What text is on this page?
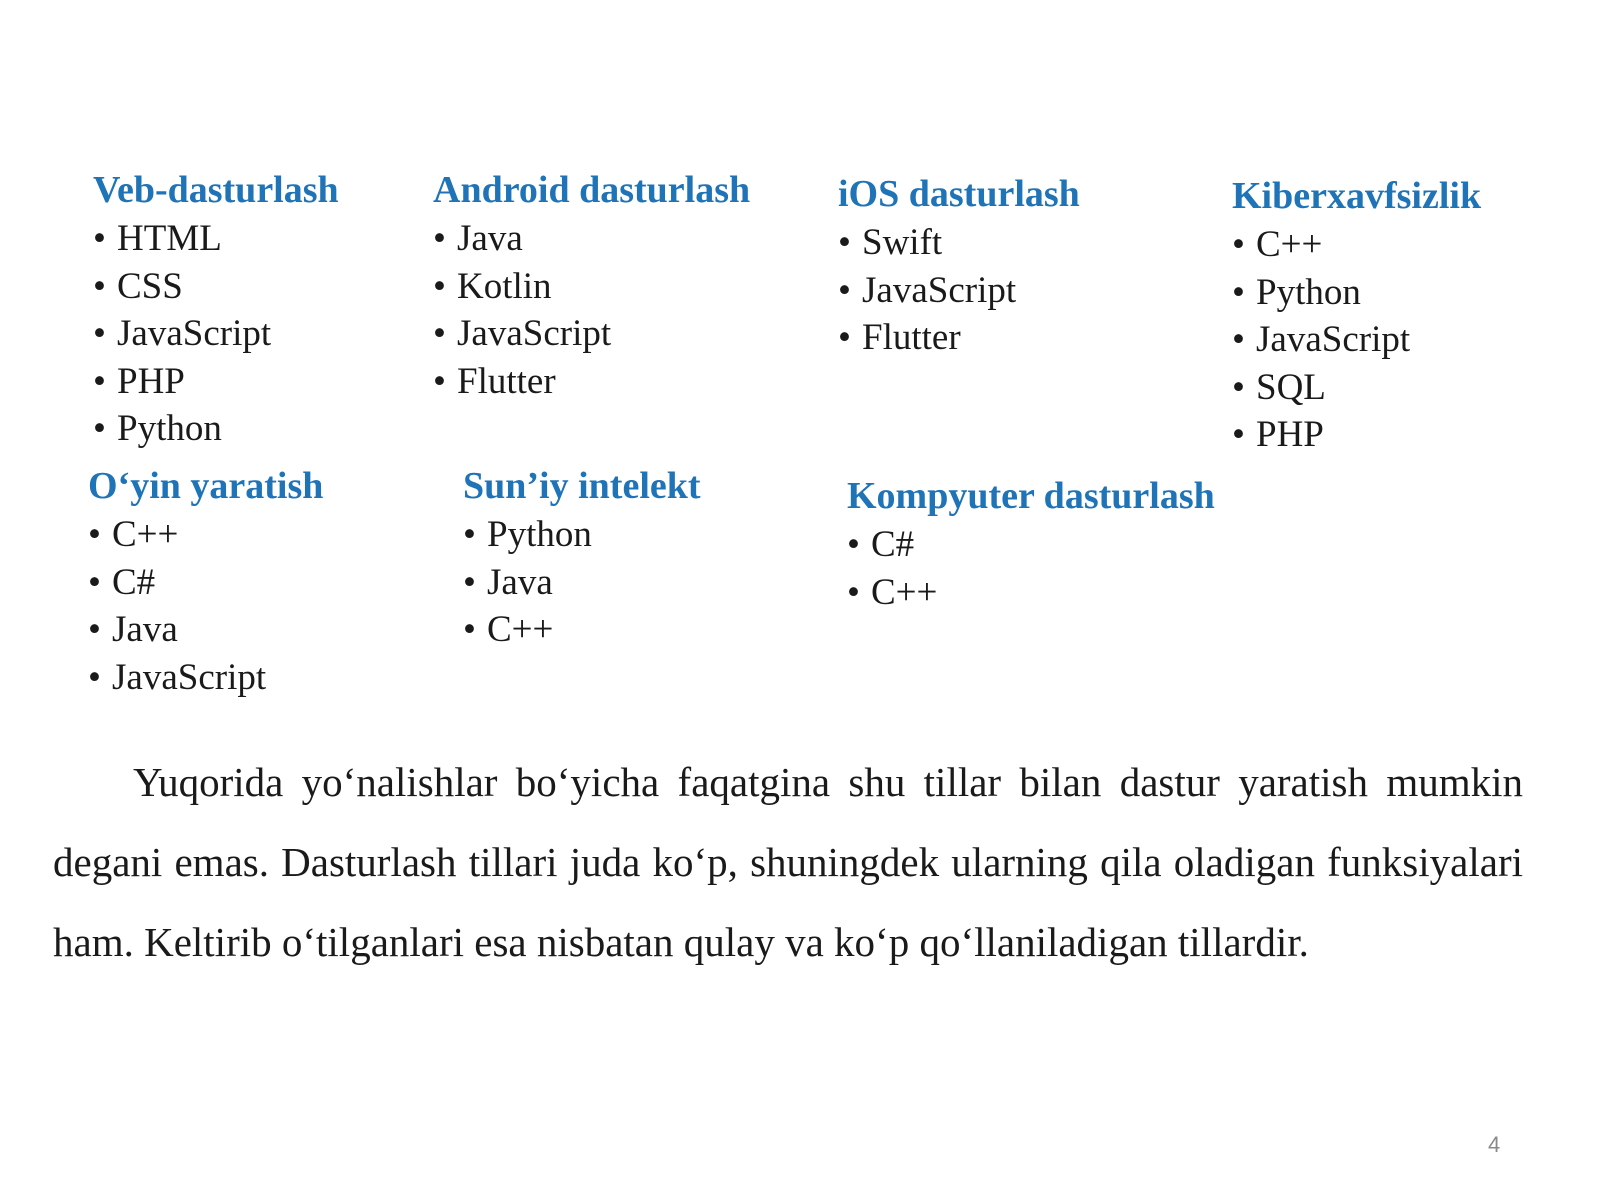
Veb-dasturlash
• HTML
• CSS
• JavaScript
• PHP
• Python
Android dasturlash
• Java
• Kotlin
• JavaScript
• Flutter
iOS dasturlash
• Swift
• JavaScript
• Flutter
Kiberxavfsizlik
• C++
• Python
• JavaScript
• SQL
• PHP
O‘yin yaratish
• C++
• C#
• Java
• JavaScript
Sun’iy intelekt
• Python
• Java
• C++
Kompyuter dasturlash
• C#
• C++

Yuqorida yo‘nalishlar bo‘yicha faqatgina shu tillar bilan dastur yaratish mumkin degani emas. Dasturlash tillari juda ko‘p, shuningdek ularning qila oladigan funksiyalari ham. Keltirib o‘tilganlari esa nisbatan qulay va ko‘p qo‘llaniladigan tillardir.

4
